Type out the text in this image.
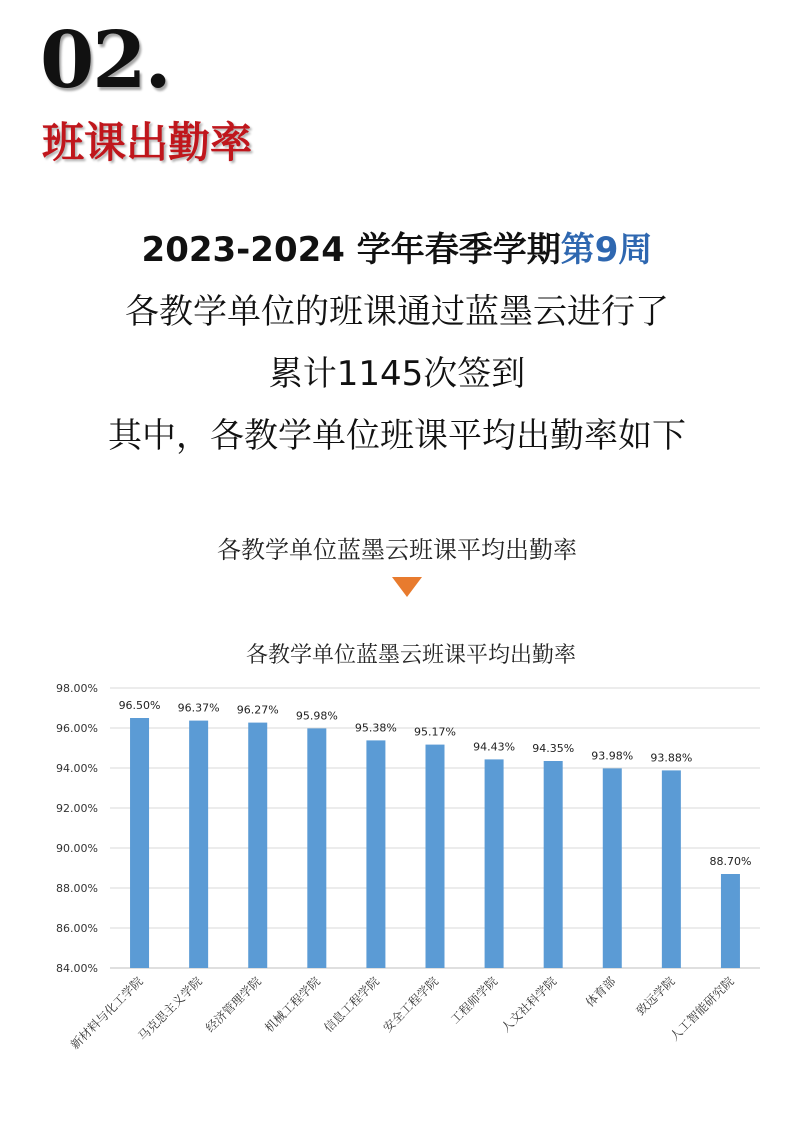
02.
班课出勤率
2023-2024 学年春季学期第9周
各教学单位的班课通过蓝墨云进行了
累计1145次签到
其中，各教学单位班课平均出勤率如下
各教学单位蓝墨云班课平均出勤率
各教学单位蓝墨云班课平均出勤率
84.00%
86.00%
88.00%
90.00%
92.00%
94.00%
96.00%
98.00%
96.50% 96.37% 96.27% 95.98%
95.38% 95.17%
94.43% 94.35%
93.98% 93.88%
88.70%
新材料与化工学院
马克思主义学院
经济管理学院
机械工程学院
信息工程学院
安全工程学院 工程师学院
人文社科学院 体育部 致远学院
人工智能研究院
